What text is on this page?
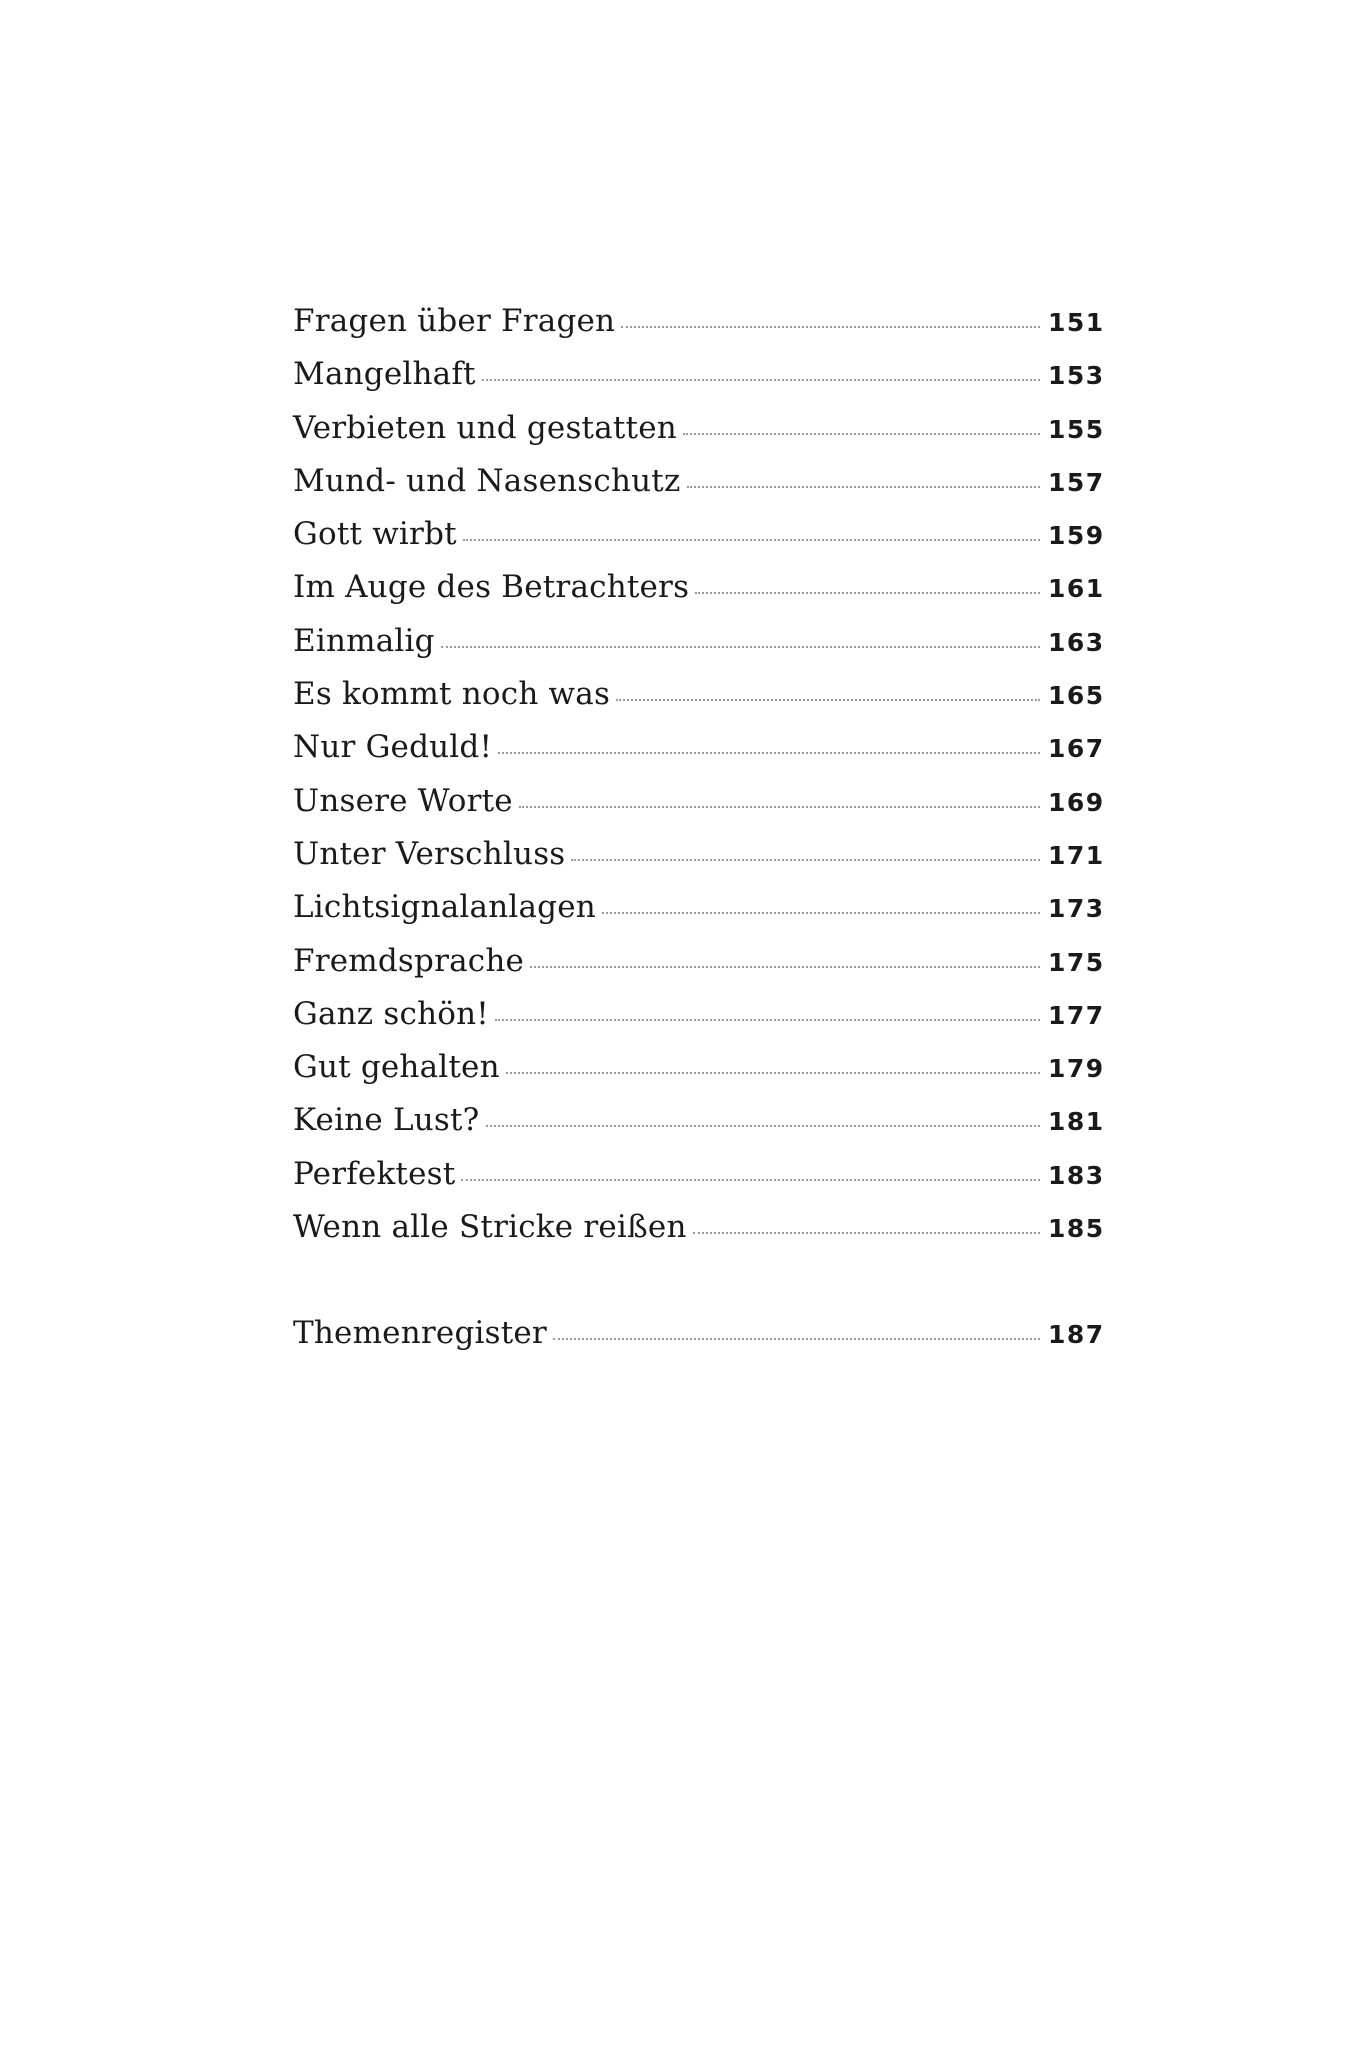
Fragen über Fragen	151
Mangelhaft	153
Verbieten und gestatten	155
Mund- und Nasenschutz	157
Gott wirbt	159
Im Auge des Betrachters	161
Einmalig	163
Es kommt noch was	165
Nur Geduld!	167
Unsere Worte	169
Unter Verschluss	171
Lichtsignalanlagen	173
Fremdsprache	175
Ganz schön!	177
Gut gehalten	179
Keine Lust?	181
Perfektest	183
Wenn alle Stricke reißen	185
Themenregister	187
